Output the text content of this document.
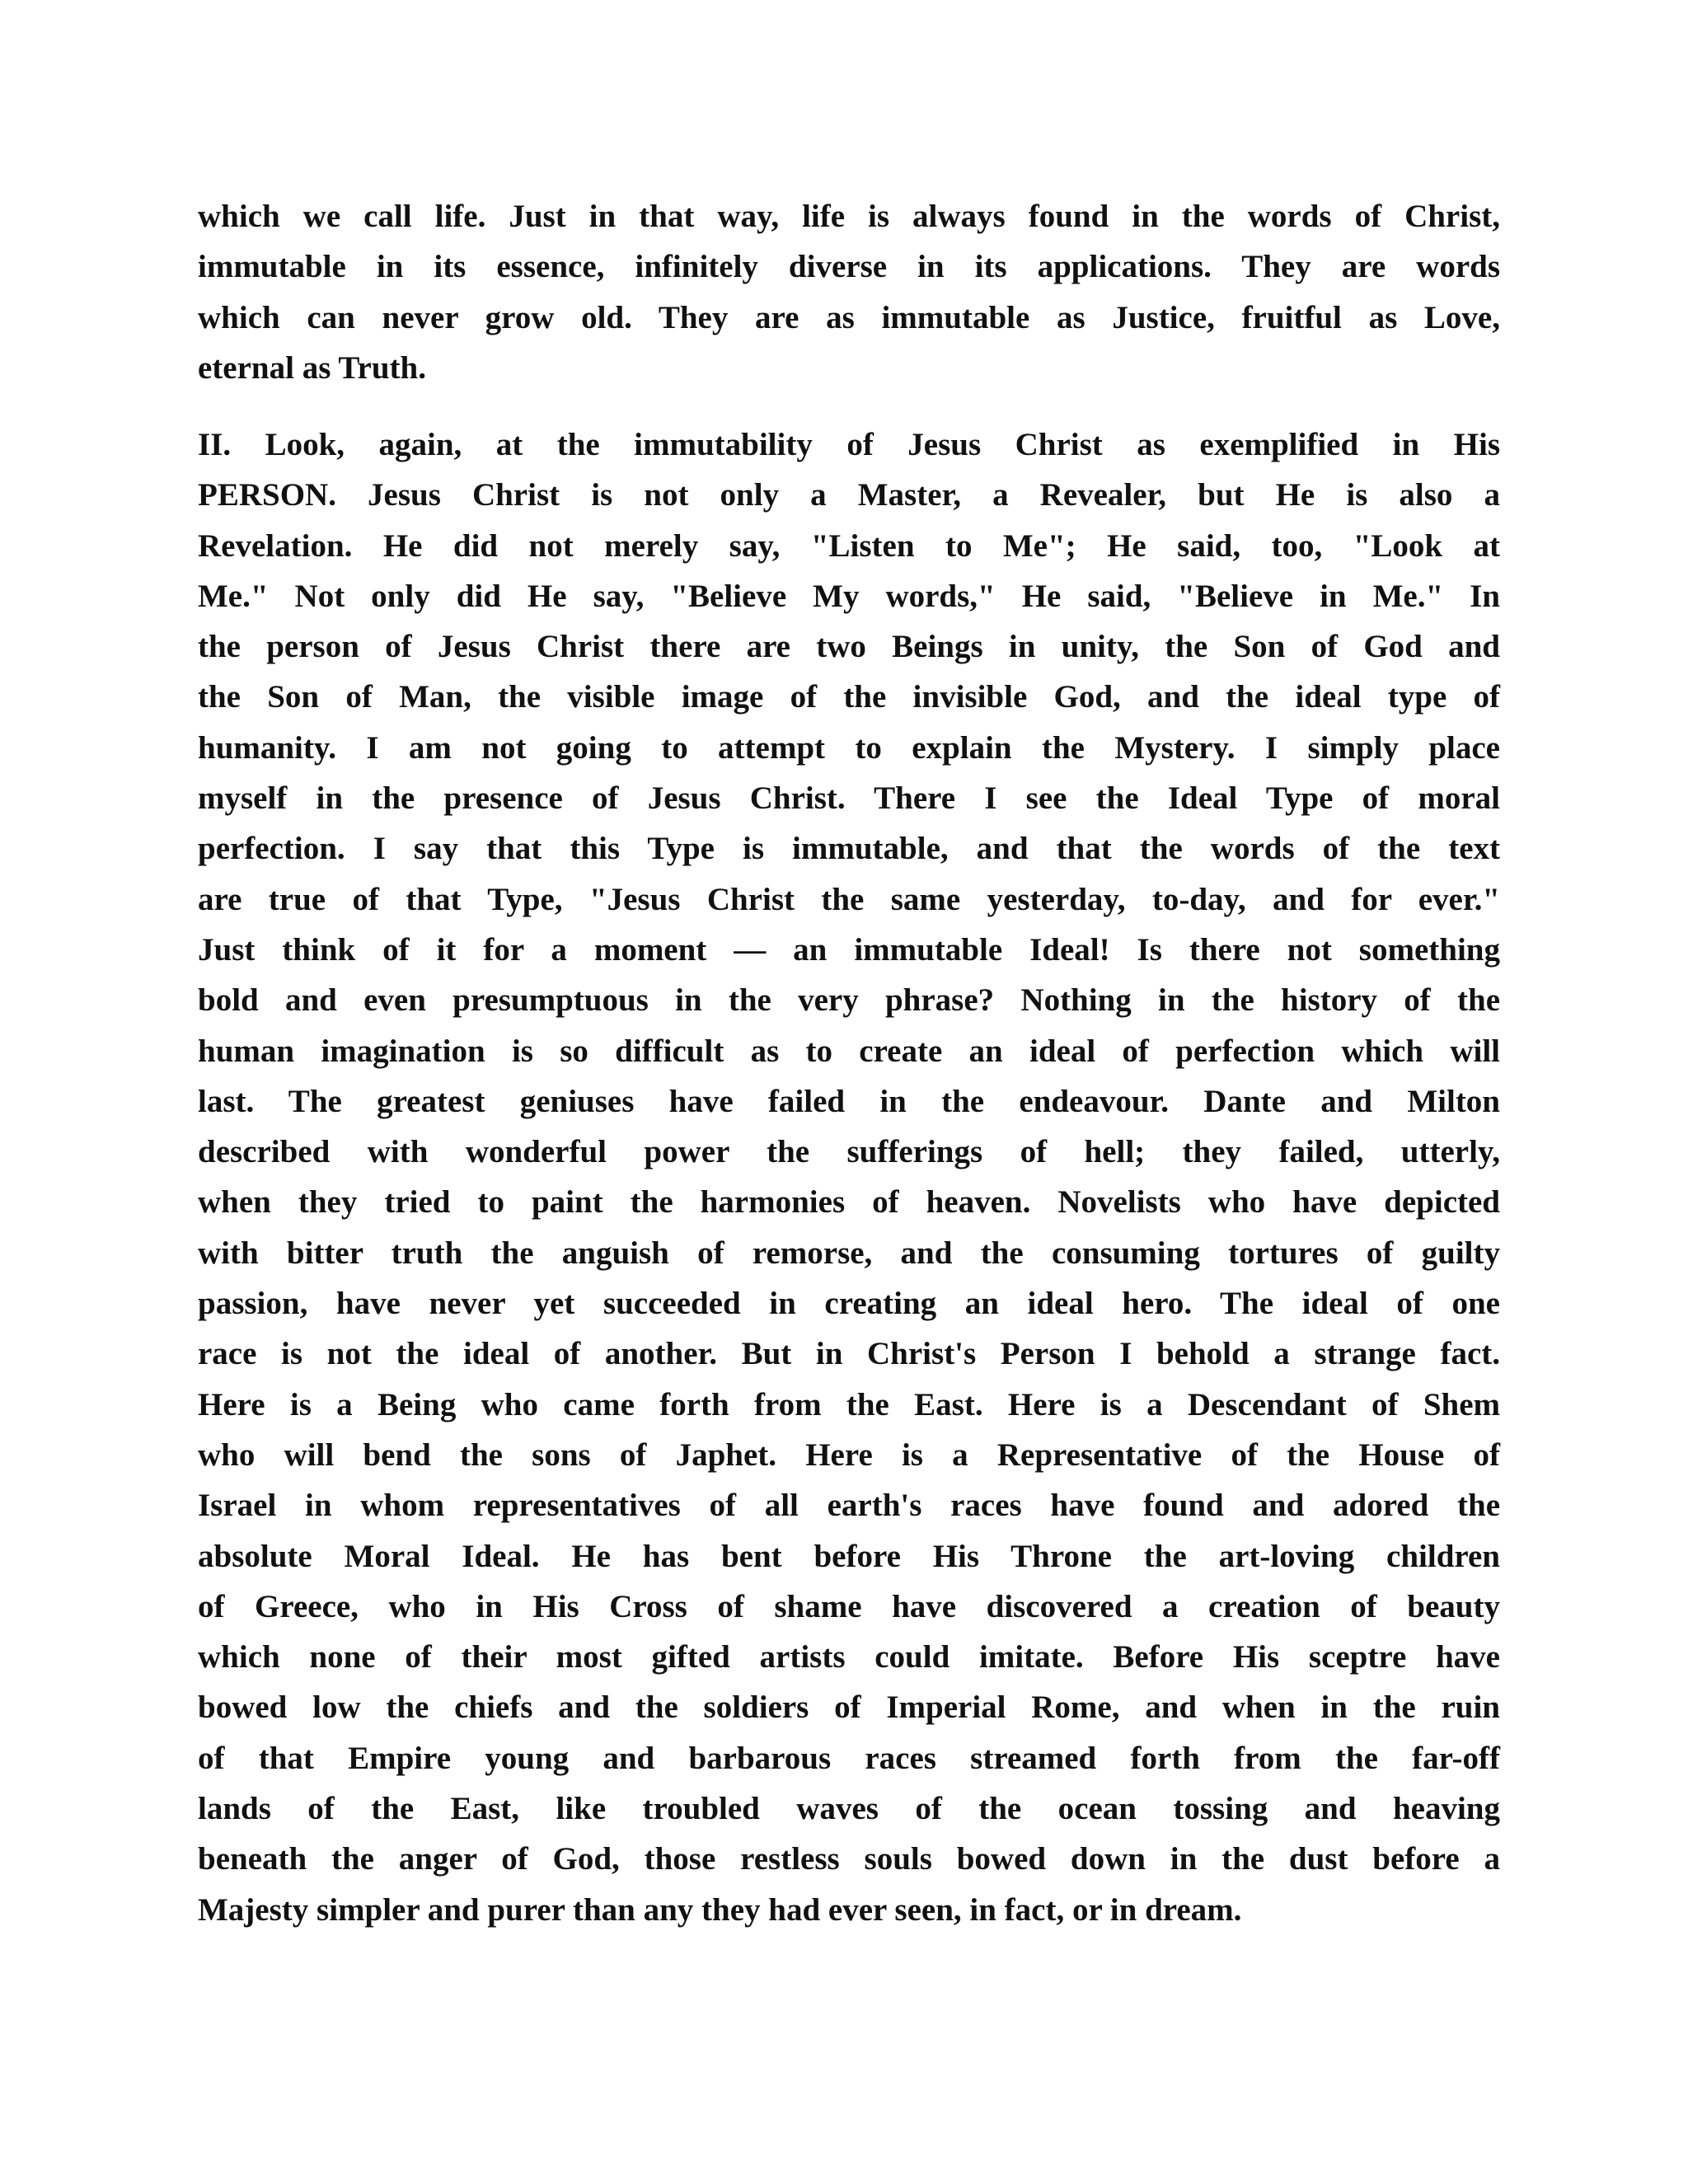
which we call life. Just in that way, life is always found in the words of Christ,
immutable in its essence, infinitely diverse in its applications. They are words
which can never grow old. They are as immutable as Justice, fruitful as Love,
eternal as Truth.
II. Look, again, at the immutability of Jesus Christ as exemplified in His
PERSON. Jesus Christ is not only a Master, a Revealer, but He is also a
Revelation. He did not merely say, "Listen to Me"; He said, too, "Look at
Me." Not only did He say, "Believe My words," He said, "Believe in Me." In
the person of Jesus Christ there are two Beings in unity, the Son of God and
the Son of Man, the visible image of the invisible God, and the ideal type of
humanity. I am not going to attempt to explain the Mystery. I simply place
myself in the presence of Jesus Christ. There I see the Ideal Type of moral
perfection. I say that this Type is immutable, and that the words of the text
are true of that Type, "Jesus Christ the same yesterday, to-day, and for ever."
Just think of it for a moment — an immutable Ideal! Is there not something
bold and even presumptuous in the very phrase? Nothing in the history of the
human imagination is so difficult as to create an ideal of perfection which will
last. The greatest geniuses have failed in the endeavour. Dante and Milton
described with wonderful power the sufferings of hell; they failed, utterly,
when they tried to paint the harmonies of heaven. Novelists who have depicted
with bitter truth the anguish of remorse, and the consuming tortures of guilty
passion, have never yet succeeded in creating an ideal hero. The ideal of one
race is not the ideal of another. But in Christ's Person I behold a strange fact.
Here is a Being who came forth from the East. Here is a Descendant of Shem
who will bend the sons of Japhet. Here is a Representative of the House of
Israel in whom representatives of all earth's races have found and adored the
absolute Moral Ideal. He has bent before His Throne the art-loving children
of Greece, who in His Cross of shame have discovered a creation of beauty
which none of their most gifted artists could imitate. Before His sceptre have
bowed low the chiefs and the soldiers of Imperial Rome, and when in the ruin
of that Empire young and barbarous races streamed forth from the far-off
lands of the East, like troubled waves of the ocean tossing and heaving
beneath the anger of God, those restless souls bowed down in the dust before a
Majesty simpler and purer than any they had ever seen, in fact, or in dream.
